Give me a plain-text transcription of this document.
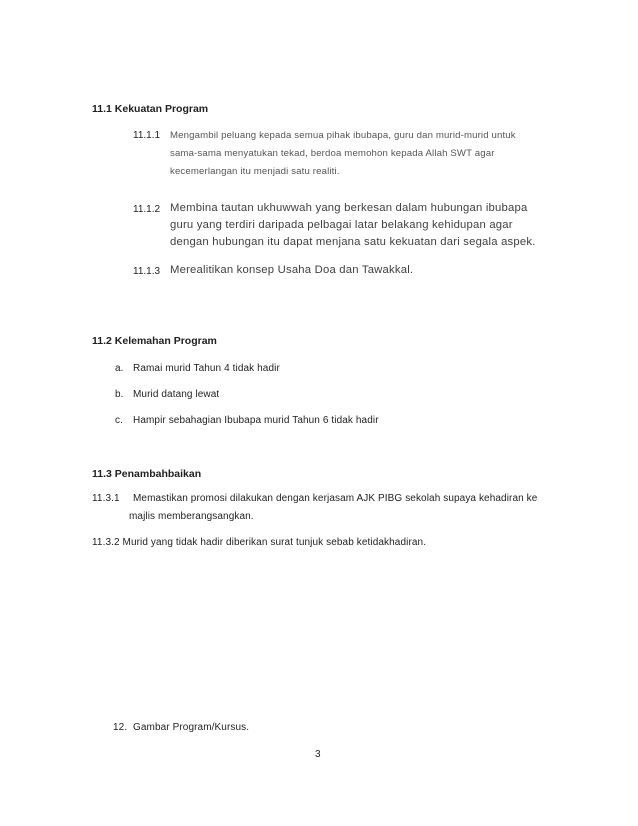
11.1 Kekuatan Program
11.1.1 Mengambil peluang kepada semua pihak ibubapa, guru dan murid-murid untuk
sama-sama menyatukan tekad, berdoa memohon kepada Allah SWT agar
kecemerlangan itu menjadi satu realiti.
11.1.2 Membina tautan ukhuwwah yang berkesan dalam hubungan ibubapa
guru yang terdiri daripada pelbagai latar belakang kehidupan agar
dengan hubungan itu dapat menjana satu kekuatan dari segala aspek.
11.1.3 Merealitikan konsep Usaha Doa dan Tawakkal.
11.2 Kelemahan Program
a. Ramai murid Tahun 4 tidak hadir
b. Murid datang lewat
c. Hampir sebahagian Ibubapa murid Tahun 6 tidak hadir
11.3 Penambahbaikan
11.3.1 Memastikan promosi dilakukan dengan kerjasam AJK PIBG sekolah supaya kehadiran ke
majlis memberangsangkan.
11.3.2 Murid yang tidak hadir diberikan surat tunjuk sebab ketidakhadiran.
12. Gambar Program/Kursus.
3
